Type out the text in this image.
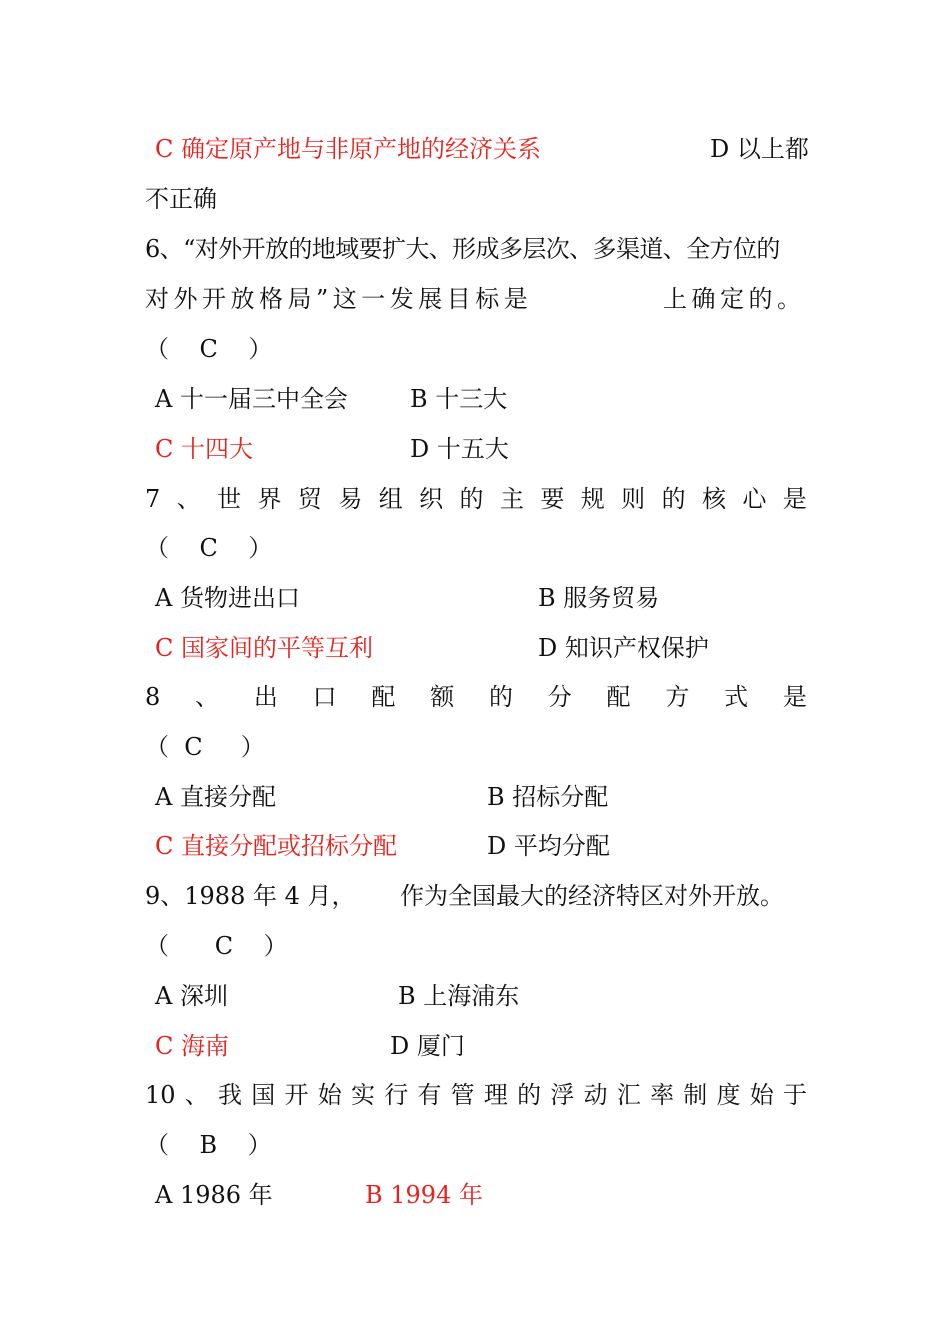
C 确定原产地与非原产地的经济关系	D 以上都
不正确
6、“对外开放的地域要扩大、形成多层次、多渠道、全方位的
对外开放格局”这一发展目标是	上确定的。
（    C    ）
A 十一届三中全会	B 十三大
C 十四大	D 十五大
7 、 世 界 贸 易 组 织 的 主 要 规 则 的 核 心 是
（    C    ）
A 货物进出口	B 服务贸易
C 国家间的平等互利	D 知识产权保护
8 、 出 口 配 额 的 分 配 方 式 是
（  C     ）
A 直接分配	B 招标分配
C 直接分配或招标分配	D 平均分配
9、1988 年 4 月， 作为全国最大的经济特区对外开放。
（      C    ）
A 深圳	B 上海浦东
C 海南	D 厦门
10 、 我 国 开 始 实 行 有 管 理 的 浮 动 汇 率 制 度 始 于
（    B    ）
A 1986 年	B 1994 年
